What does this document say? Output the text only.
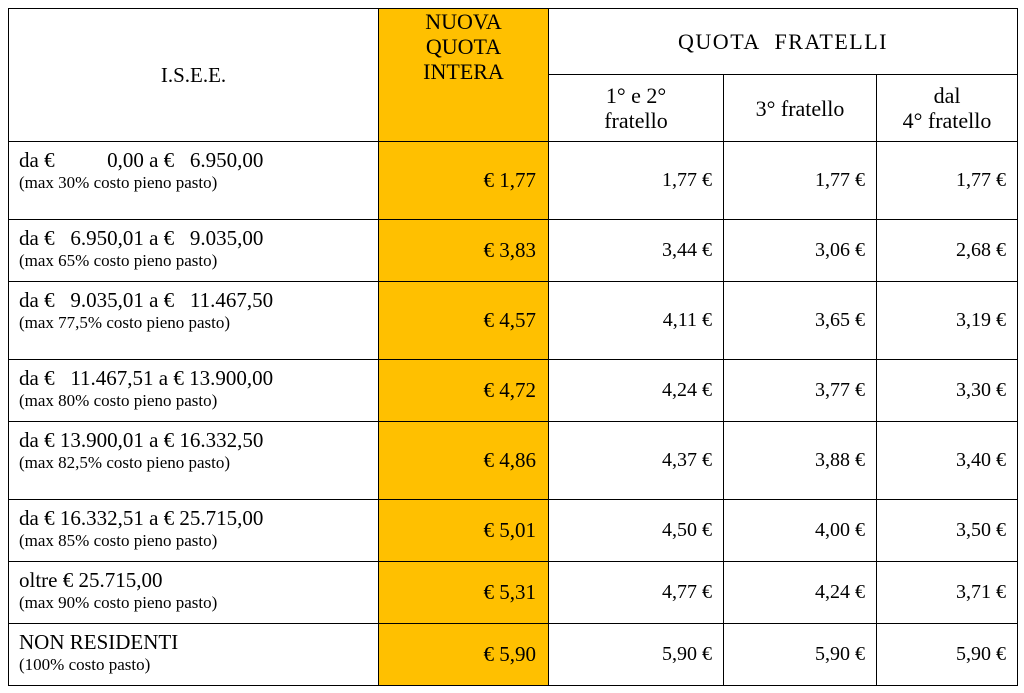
I.S.E.E.	NUOVA
QUOTA
INTERA	QUOTA FRATELLI		

		1° e 2°
fratello	3° fratello	dal
4° fratello

da €          0,00 a €   6.950,00
(max 30% costo pieno pasto)	€ 1,77	1,77 €	1,77 €	1,77 €

da €   6.950,01 a €   9.035,00
(max 65% costo pieno pasto)	€ 3,83	3,44 €	3,06 €	2,68 €

da €   9.035,01 a €   11.467,50
(max 77,5% costo pieno pasto)	€ 4,57	4,11 €	3,65 €	3,19 €

da €   11.467,51 a € 13.900,00
(max 80% costo pieno pasto)	€ 4,72	4,24 €	3,77 €	3,30 €

da € 13.900,01 a € 16.332,50
(max 82,5% costo pieno pasto)	€ 4,86	4,37 €	3,88 €	3,40 €

da € 16.332,51 a € 25.715,00
(max 85% costo pieno pasto)	€ 5,01	4,50 €	4,00 €	3,50 €

oltre € 25.715,00
(max 90% costo pieno pasto)	€ 5,31	4,77 €	4,24 €	3,71 €

NON RESIDENTI
(100% costo pasto)	€ 5,90	5,90 €	5,90 €	5,90 €
